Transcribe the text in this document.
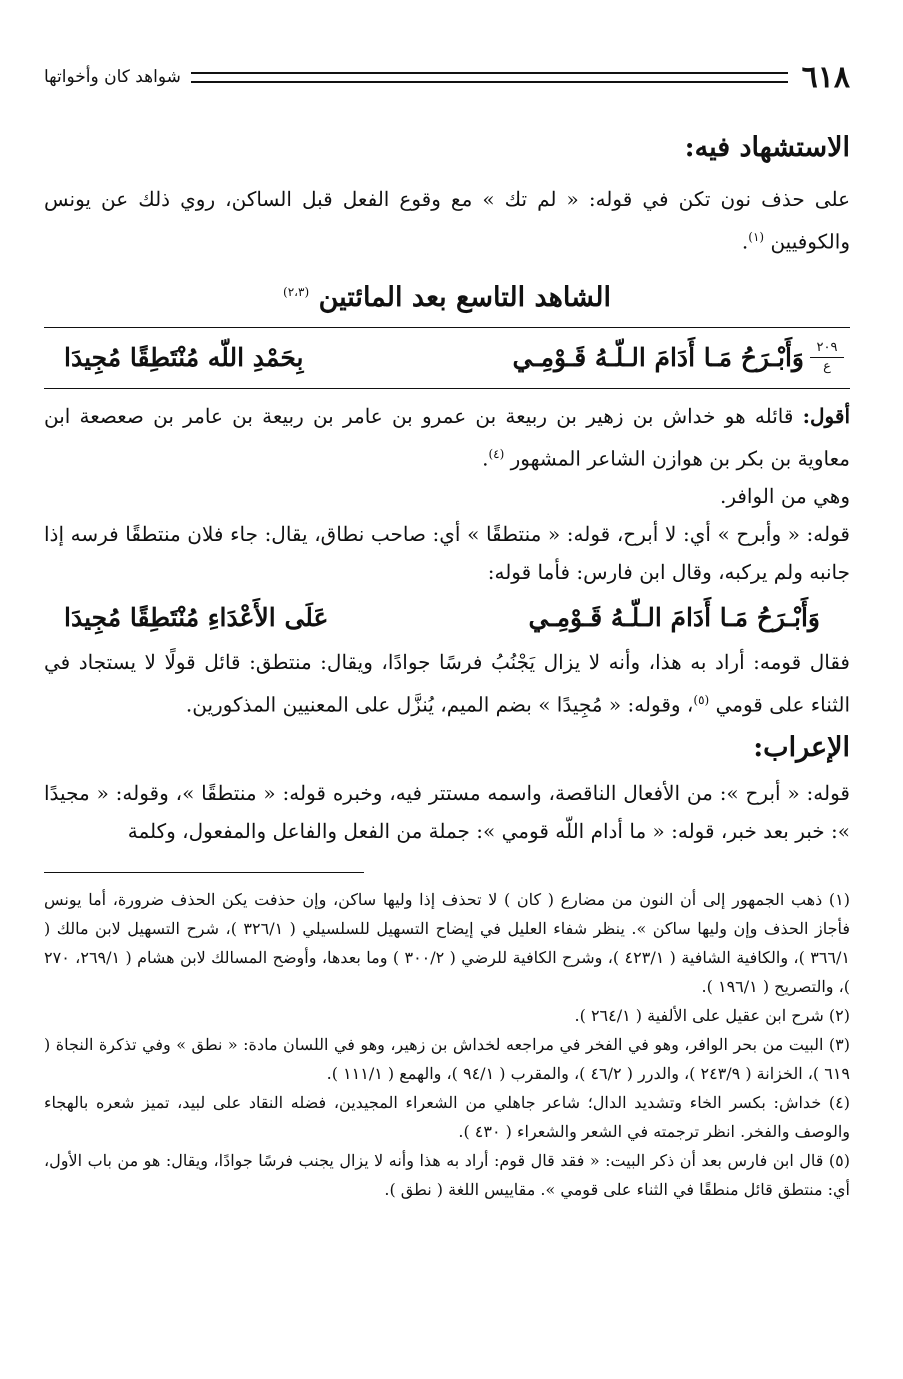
٦١٨
شواهد كان وأخواتها
الاستشهاد فيه:

على حذف نون تكن في قوله: « لم تك » مع وقوع الفعل قبل الساكن، روي ذلك عن يونس والكوفيين $^{(١)}$.

الشاهد التاسع بعد المائتين $^{(٢،٣)}$
٢٠٩
ع
وَأَبْـرَحُ مَـا أَدَامَ الـلّـهُ قَـوْمِـي
بِحَمْدِ اللّه مُنْتَطِقًا مُجِيدَا

أقول: قائله هو خداش بن زهير بن ربيعة بن عمرو بن عامر بن ربيعة بن عامر بن صعصعة ابن معاوية بن بكر بن هوازن الشاعر المشهور $^{(٤)}$.

وهي من الوافر.

قوله: « وأبرح » أي: لا أبرح، قوله: « منتطقًا » أي: صاحب نطاق، يقال: جاء فلان منتطقًا فرسه إذا جانبه ولم يركبه، وقال ابن فارس: فأما قوله:

وَأَبْـرَحُ مَـا أَدَامَ الـلّـهُ قَـوْمِـي
عَلَى الأَعْدَاءِ مُنْتَطِقًا مُجِيدَا

فقال قومه: أراد به هذا، وأنه لا يزال يَجْنُبُ فرسًا جوادًا، ويقال: منتطق: قائل قولًا لا يستجاد في الثناء على قومي $^{(٥)}$، وقوله: « مُجِيدًا » بضم الميم، يُنزَّل على المعنيين المذكورين.

الإعراب:

قوله: « أبرح »: من الأفعال الناقصة، واسمه مستتر فيه، وخبره قوله: « منتطقًا »، وقوله: « مجيدًا »: خبر بعد خبر، قوله: « ما أدام اللّه قومي »: جملة من الفعل والفاعل والمفعول، وكلمة

(١) ذهب الجمهور إلى أن النون من مضارع ( كان ) لا تحذف إذا وليها ساكن، وإن حذفت يكن الحذف ضرورة، أما يونس فأجاز الحذف وإن وليها ساكن ». ينظر شفاء العليل في إيضاح التسهيل للسلسيلي ( ٣٢٦/١ )، شرح التسهيل لابن مالك ( ٣٦٦/١ )، والكافية الشافية ( ٤٢٣/١ )، وشرح الكافية للرضي ( ٣٠٠/٢ ) وما بعدها، وأوضح المسالك لابن هشام ( ٢٦٩/١، ٢٧٠ )، والتصريح ( ١٩٦/١ ).

(٢) شرح ابن عقيل على الألفية ( ٢٦٤/١ ).

(٣) البيت من بحر الوافر، وهو في الفخر في مراجعه لخداش بن زهير، وهو في اللسان مادة: « نطق » وفي تذكرة النجاة ( ٦١٩ )، الخزانة ( ٢٤٣/٩ )، والدرر ( ٤٦/٢ )، والمقرب ( ٩٤/١ )، والهمع ( ١١١/١ ).

(٤) خداش: بكسر الخاء وتشديد الدال؛ شاعر جاهلي من الشعراء المجيدين، فضله النقاد على لبيد، تميز شعره بالهجاء والوصف والفخر. انظر ترجمته في الشعر والشعراء ( ٤٣٠ ).

(٥) قال ابن فارس بعد أن ذكر البيت: « فقد قال قوم: أراد به هذا وأنه لا يزال يجنب فرسًا جوادًا، ويقال: هو من باب الأول، أي: منتطق قائل منطقًا في الثناء على قومي ». مقاييس اللغة ( نطق ).
